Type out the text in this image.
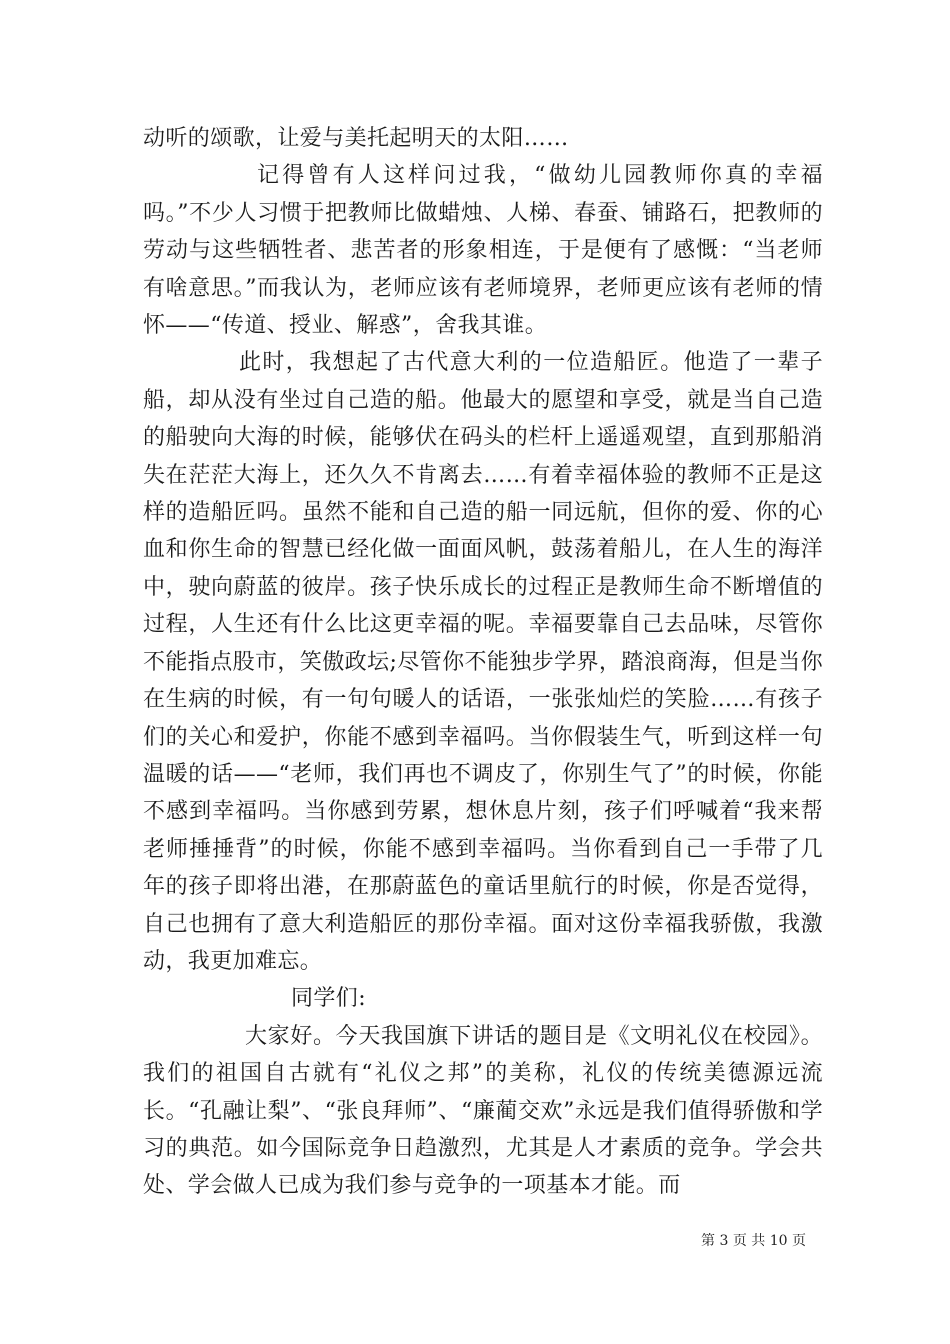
动听的颂歌，让爱与美托起明天的太阳……

记得曾有人这样问过我，“做幼儿园教师你真的幸福吗。”不少人习惯于把教师比做蜡烛、人梯、春蚕、铺路石，把教师的劳动与这些牺牲者、悲苦者的形象相连，于是便有了感慨：“当老师有啥意思。”而我认为，老师应该有老师境界，老师更应该有老师的情怀——“传道、授业、解惑”，舍我其谁。

此时，我想起了古代意大利的一位造船匠。他造了一辈子船，却从没有坐过自己造的船。他最大的愿望和享受，就是当自己造的船驶向大海的时候，能够伏在码头的栏杆上遥遥观望，直到那船消失在茫茫大海上，还久久不肯离去……有着幸福体验的教师不正是这样的造船匠吗。虽然不能和自己造的船一同远航，但你的爱、你的心血和你生命的智慧已经化做一面面风帆，鼓荡着船儿，在人生的海洋中，驶向蔚蓝的彼岸。孩子快乐成长的过程正是教师生命不断增值的过程，人生还有什么比这更幸福的呢。幸福要靠自己去品味，尽管你不能指点股市，笑傲政坛;尽管你不能独步学界，踏浪商海，但是当你在生病的时候，有一句句暖人的话语，一张张灿烂的笑脸……有孩子们的关心和爱护，你能不感到幸福吗。当你假装生气，听到这样一句温暖的话——“老师，我们再也不调皮了，你别生气了”的时候，你能不感到幸福吗。当你感到劳累，想休息片刻，孩子们呼喊着“我来帮老师捶捶背”的时候，你能不感到幸福吗。当你看到自己一手带了几年的孩子即将出港，在那蔚蓝色的童话里航行的时候，你是否觉得，自己也拥有了意大利造船匠的那份幸福。面对这份幸福我骄傲，我激动，我更加难忘。

同学们:

大家好。今天我国旗下讲话的题目是《文明礼仪在校园》。我们的祖国自古就有“礼仪之邦”的美称，礼仪的传统美德源远流长。“孔融让梨”、“张良拜师”、“廉蔺交欢”永远是我们值得骄傲和学习的典范。如今国际竞争日趋激烈，尤其是人才素质的竞争。学会共处、学会做人已成为我们参与竞争的一项基本才能。而

第 3 页 共 10 页
